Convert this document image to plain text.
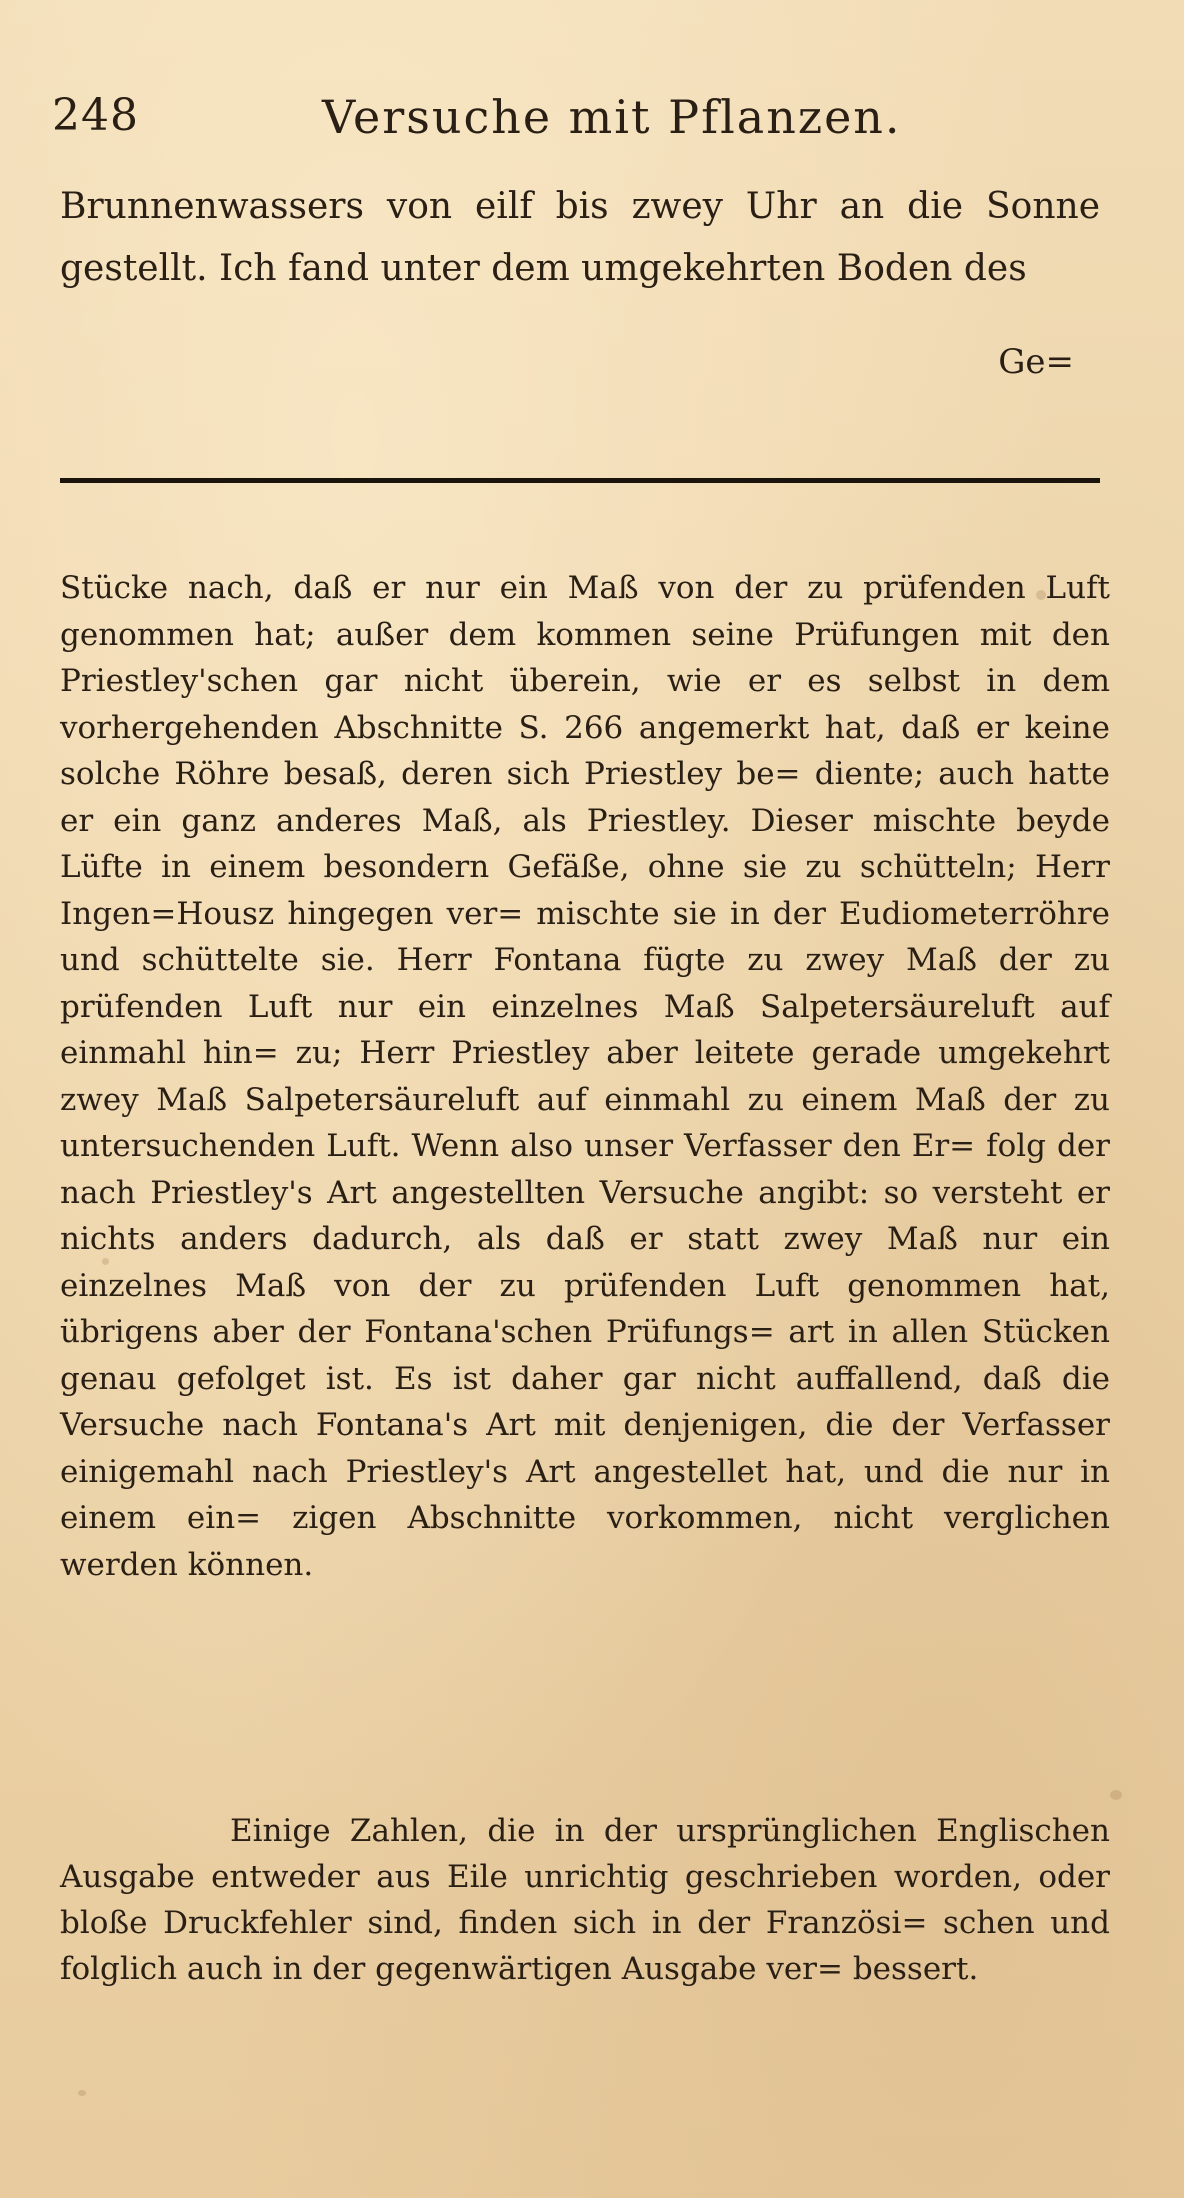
248	Versuche mit Pflanzen.
Brunnenwassers von eilf bis zwey Uhr an die Sonne gestellt. Ich fand unter dem umgekehrten Boden des
Ge=

Stücke nach, daß er nur ein Maß von der zu prüfenden Luft genommen hat; außer dem kommen seine Prüfungen mit den Priestley'schen gar nicht überein, wie er es selbst in dem vorhergehenden Abschnitte S. 266 angemerkt hat, daß er keine solche Röhre besaß, deren sich Priestley be= diente; auch hatte er ein ganz anderes Maß, als Priestley. Dieser mischte beyde Lüfte in einem besondern Gefäße, ohne sie zu schütteln; Herr Ingen=Housz hingegen ver= mischte sie in der Eudiometerröhre und schüttelte sie. Herr Fontana fügte zu zwey Maß der zu prüfenden Luft nur ein einzelnes Maß Salpetersäureluft auf einmahl hin= zu; Herr Priestley aber leitete gerade umgekehrt zwey Maß Salpetersäureluft auf einmahl zu einem Maß der zu untersuchenden Luft. Wenn also unser Verfasser den Er= folg der nach Priestley's Art angestellten Versuche angibt: so versteht er nichts anders dadurch, als daß er statt zwey Maß nur ein einzelnes Maß von der zu prüfenden Luft genommen hat, übrigens aber der Fontana'schen Prüfungs= art in allen Stücken genau gefolget ist. Es ist daher gar nicht auffallend, daß die Versuche nach Fontana's Art mit denjenigen, die der Verfasser einigemahl nach Priestley's Art angestellet hat, und die nur in einem ein= zigen Abschnitte vorkommen, nicht verglichen werden können.

Einige Zahlen, die in der ursprünglichen Englischen Ausgabe entweder aus Eile unrichtig geschrieben worden, oder bloße Druckfehler sind, finden sich in der Französi= schen und folglich auch in der gegenwärtigen Ausgabe ver= bessert.
